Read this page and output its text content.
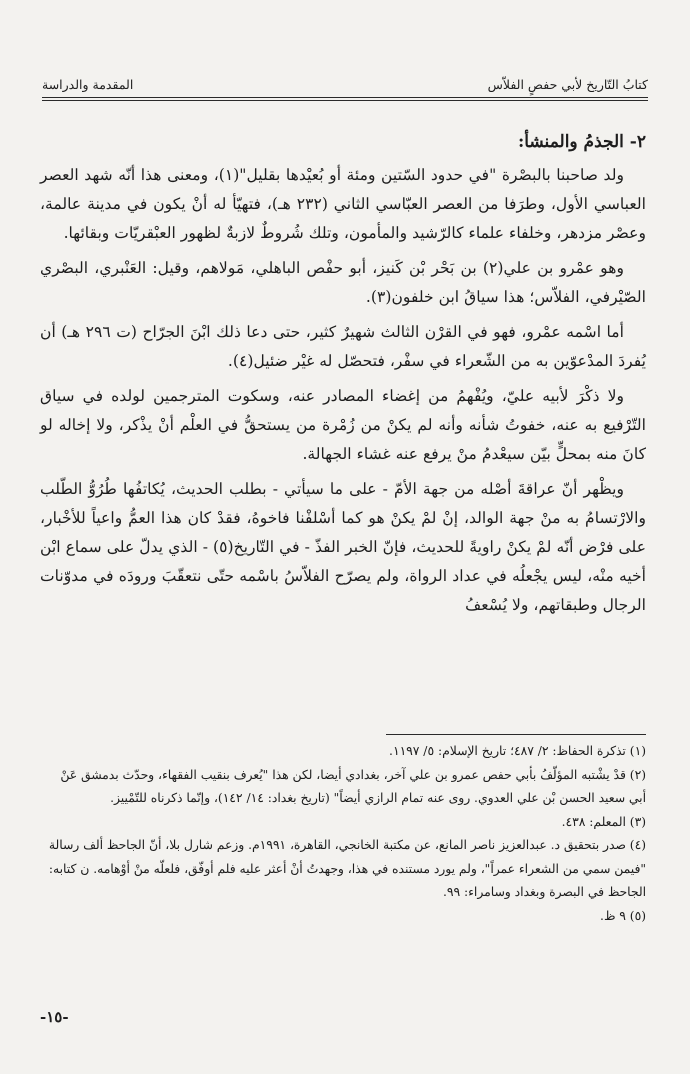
كتابُ التّاريخ لأبي حفصٍ الفلاّس
المقدمة والدراسة

٢- الجذمُ والمنشأ:

ولد صاحبنا بالبصْرة "في حدود السّتين ومئة أو بُعيْدها بقليل"(١)، ومعنى هذا أنّه شهد العصر العباسي الأول، وطرَفا من العصر العبّاسي الثاني (٢٣٢ هـ)، فتهيّأ له أنْ يكون في مدينة عالمة، وعصْر مزدهر، وخلفاء علماء كالرّشيد والمأمون، وتلك شُروطٌ لازبةٌ لظهور العبْقريّات وبقائها.

وهو عمْرو بن علي(٢) بن بَحْر بْن كَنيز، أبو حفْص الباهلي، مَولاهم، وقيل: العَنْبري، البصْري الصّيْرفي، الفلاّس؛ هذا سياقُ ابن خلفون(٣).

أما اسْمه عمْرو، فهو في القرْن الثالث شهيرٌ كثير، حتى دعا ذلك ابْنَ الجرّاح (ت ٢٩٦ هـ) أن يُفردَ المدْعوّين به من الشّعراء في سفْر، فتحصّل له غيْر ضئيل(٤).

ولا ذكْرَ لأبيه عليّ، ويُفْهمُ من إغضاء المصادر عنه، وسكوت المترجمين لولده في سياق التّرْفيع به عنه، خفوتُ شأنه وأنه لم يكنْ من زُمْرة من يستحقُّ في العلْم أنْ يذْكر، ولا إخاله لو كانَ منه بمحلٍّ بيّن سيعْدمُ منْ يرفع عنه غشاء الجهالة.

ويظْهر أنّ عراقةَ أصْله من جهة الأمّ - على ما سيأتي - بطلب الحديث، يُكاتفُها طُرُوُّ الطّلب والارْتسامُ به منْ جهة الوالد، إنْ لمْ يكنْ هو كما أسْلفْنا فاخوهُ، فقدْ كان هذا العمُّ واعياً للأخْبار، على فرْض أنّه لمْ يكنْ راويةً للحديث، فإنّ الخبر الفذّ - في التّاريخ(٥) - الذي يدلّ على سماع ابْن أخيه منْه، ليس يجْعلُه في عداد الرواة، ولم يصرّح الفلاّسُ باسْمه حتّى نتعقّبَ ورودَه في مدوّنات الرجال وطبقاتهم، ولا يُسْعفُ

(١) تذكرة الحفاظ: ٢/ ٤٨٧؛ تاريخ الإسلام: ٥/ ١١٩٧.

(٢) قدْ يشْتبه المؤلّفُ بأبي حفص عمرو بن علي آخر، بغدادي أيضا، لكن هذا "يُعرف بنقيب الفقهاء، وحدّث بدمشق عَنْ أبي سعيد الحسن بْن علي العدوي. روى عنه تمام الرازي أيضاً" (تاريخ بغداد: ١٤/ ١٤٢)، وإنّما ذكرناه للتّمْييز.

(٣) المعلم: ٤٣٨.

(٤) صدر بتحقيق د. عبدالعزيز ناصر المانع، عن مكتبة الخانجي، القاهرة، ١٩٩١م. وزعم شارل بلا، أنّ الجاحظ ألف رسالة "فيمن سمي من الشعراء عمراً"، ولم يورد مستنده في هذا، وجهدتُ أنْ أعثر عليه فلم أوفّق، فلعلّه منْ أوْهامه. ن كتابه: الجاحظ في البصرة وبغداد وسامراء: ٩٩.

(٥) ٩ ظ.

-١٥-
